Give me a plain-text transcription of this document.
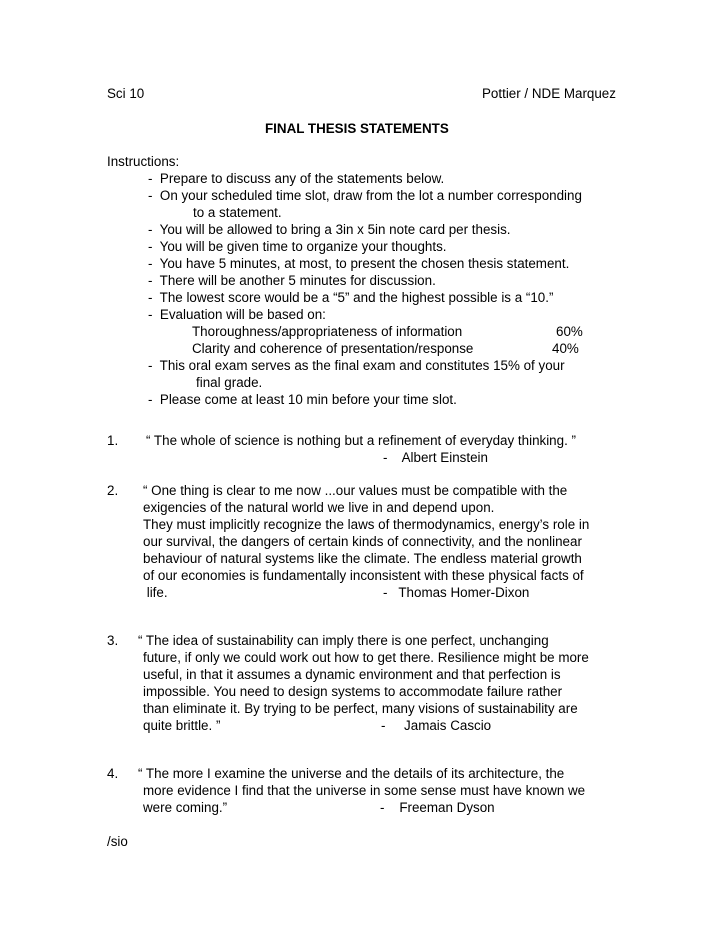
Sci 10	Pottier / NDE Marquez

FINAL THESIS STATEMENTS

Instructions:

-  Prepare to discuss any of the statements below.

-  On your scheduled time slot, draw from the lot a number corresponding

to a statement.

-  You will be allowed to bring a 3in x 5in note card per thesis.

-  You will be given time to organize your thoughts.

-  You have 5 minutes, at most, to present the chosen thesis statement.

-  There will be another 5 minutes for discussion.

-  The lowest score would be a “5” and the highest possible is a “10.”

-  Evaluation will be based on:

Thoroughness/appropriateness of information	60%

Clarity and coherence of presentation/response	40%

-  This oral exam serves as the final exam and constitutes 15% of your

final grade.

-  Please come at least 10 min before your time slot.

1. “ The whole of science is nothing but a refinement of everyday thinking. ”

-    Albert Einstein

2. “ One thing is clear to me now ...our values must be compatible with the

exigencies of the natural world we live in and depend upon.

They must implicitly recognize the laws of thermodynamics, energy’s role in

our survival, the dangers of certain kinds of connectivity, and the nonlinear

behaviour of natural systems like the climate. The endless material growth

of our economies is fundamentally inconsistent with these physical facts of

life.	-   Thomas Homer-Dixon

3. “ The idea of sustainability can imply there is one perfect, unchanging

future, if only we could work out how to get there. Resilience might be more

useful, in that it assumes a dynamic environment and that perfection is

impossible. You need to design systems to accommodate failure rather

than eliminate it. By trying to be perfect, many visions of sustainability are

quite brittle. ”	-     Jamais Cascio

4. “ The more I examine the universe and the details of its architecture, the

more evidence I find that the universe in some sense must have known we

were coming.”	-    Freeman Dyson

/sio
